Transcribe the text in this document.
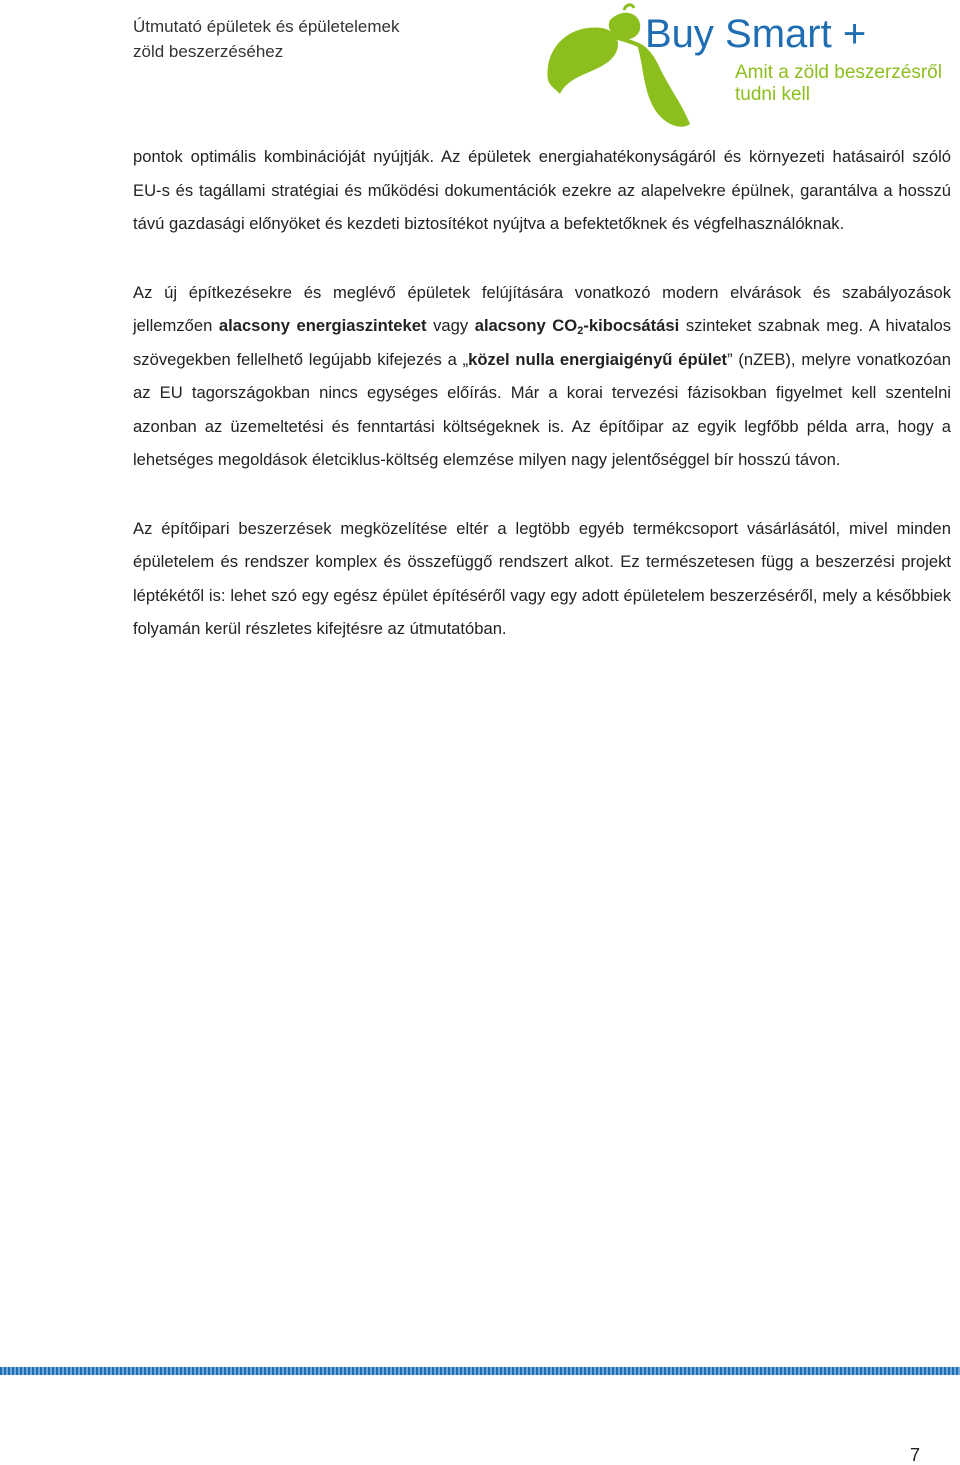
Útmutató épületek és épületelemek
zöld beszerzéséhez	Buy Smart +
Amit a zöld beszerzésről
tudni kell

pontok optimális kombinációját nyújtják. Az épületek energiahatékonyságáról és környezeti hatásairól szóló EU-s és tagállami stratégiai és működési dokumentációk ezekre az alapelvekre épülnek, garantálva a hosszú távú gazdasági előnyöket és kezdeti biztosítékot nyújtva a befektetőknek és végfelhasználóknak.

Az új építkezésekre és meglévő épületek felújítására vonatkozó modern elvárások és szabályozások jellemzően alacsony energiaszinteket vagy alacsony $CO_2$-kibocsátási szinteket szabnak meg. A hivatalos szövegekben fellelhető legújabb kifejezés a „közel nulla energiaigényű épület” (nZEB), melyre vonatkozóan az EU tagországokban nincs egységes előírás. Már a korai tervezési fázisokban figyelmet kell szentelni azonban az üzemeltetési és fenntartási költségeknek is. Az építőipar az egyik legfőbb példa arra, hogy a lehetséges megoldások életciklus-költség elemzése milyen nagy jelentőséggel bír hosszú távon.

Az építőipari beszerzések megközelítése eltér a legtöbb egyéb termékcsoport vásárlásától, mivel minden épületelem és rendszer komplex és összefüggő rendszert alkot. Ez természetesen függ a beszerzési projekt léptékétől is: lehet szó egy egész épület építéséről vagy egy adott épületelem beszerzéséről, mely a későbbiek folyamán kerül részletes kifejtésre az útmutatóban.

7
